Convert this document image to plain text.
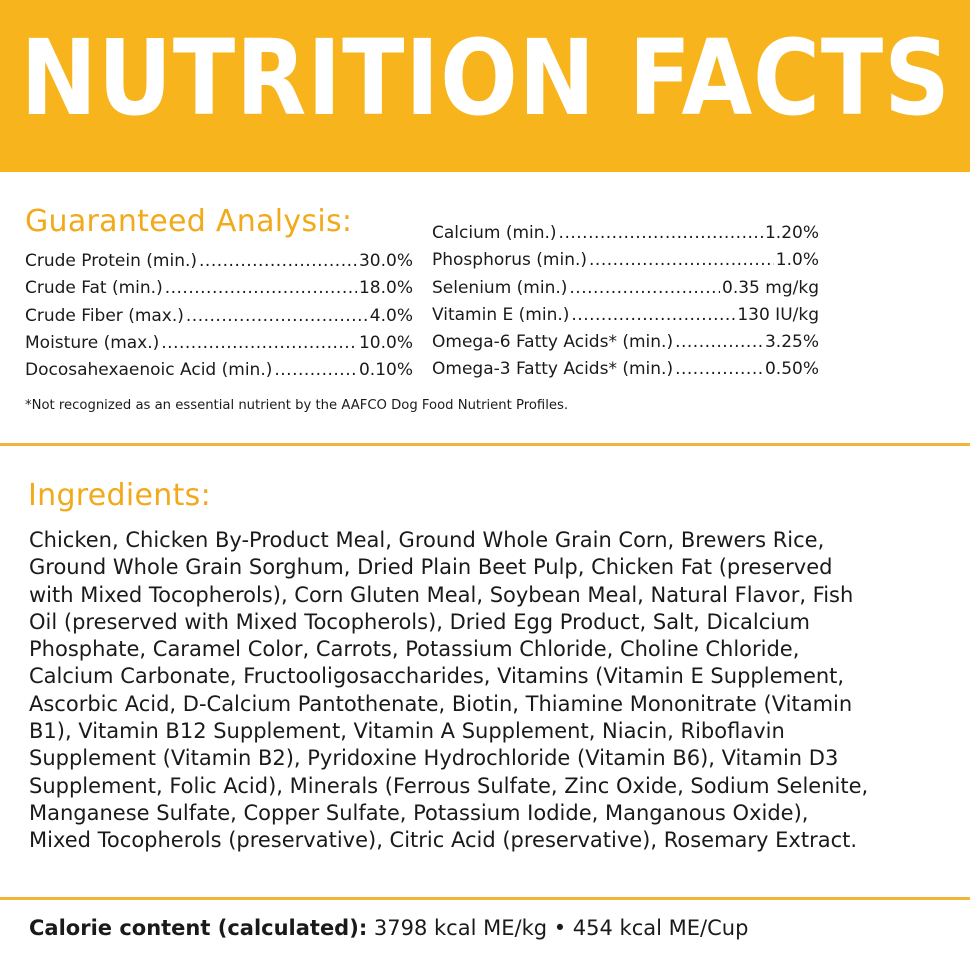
NUTRITION FACTS
Guaranteed Analysis:
Crude Protein (min.) .....	30.0%
Crude Fat (min.) .....	18.0%
Crude Fiber (max.) .....	4.0%
Moisture (max.) .....	10.0%
Docosahexaenoic Acid (min.) .....	0.10%
Calcium (min.) .....	1.20%
Phosphorus (min.) .....	1.0%
Selenium (min.) .....	0.35 mg/kg
Vitamin E (min.) .....	130 IU/kg
Omega-6 Fatty Acids* (min.) .....	3.25%
Omega-3 Fatty Acids* (min.) .....	0.50%
*Not recognized as an essential nutrient by the AAFCO Dog Food Nutrient Profiles.
Ingredients:
Chicken, Chicken By-Product Meal, Ground Whole Grain Corn, Brewers Rice,
Ground Whole Grain Sorghum, Dried Plain Beet Pulp, Chicken Fat (preserved
with Mixed Tocopherols), Corn Gluten Meal, Soybean Meal, Natural Flavor, Fish
Oil (preserved with Mixed Tocopherols), Dried Egg Product, Salt, Dicalcium
Phosphate, Caramel Color, Carrots, Potassium Chloride, Choline Chloride,
Calcium Carbonate, Fructooligosaccharides, Vitamins (Vitamin E Supplement,
Ascorbic Acid, D-Calcium Pantothenate, Biotin, Thiamine Mononitrate (Vitamin
B1), Vitamin B12 Supplement, Vitamin A Supplement, Niacin, Riboflavin
Supplement (Vitamin B2), Pyridoxine Hydrochloride (Vitamin B6), Vitamin D3
Supplement, Folic Acid), Minerals (Ferrous Sulfate, Zinc Oxide, Sodium Selenite,
Manganese Sulfate, Copper Sulfate, Potassium Iodide, Manganous Oxide),
Mixed Tocopherols (preservative), Citric Acid (preservative), Rosemary Extract.
Calorie content (calculated): 3798 kcal ME/kg • 454 kcal ME/Cup
